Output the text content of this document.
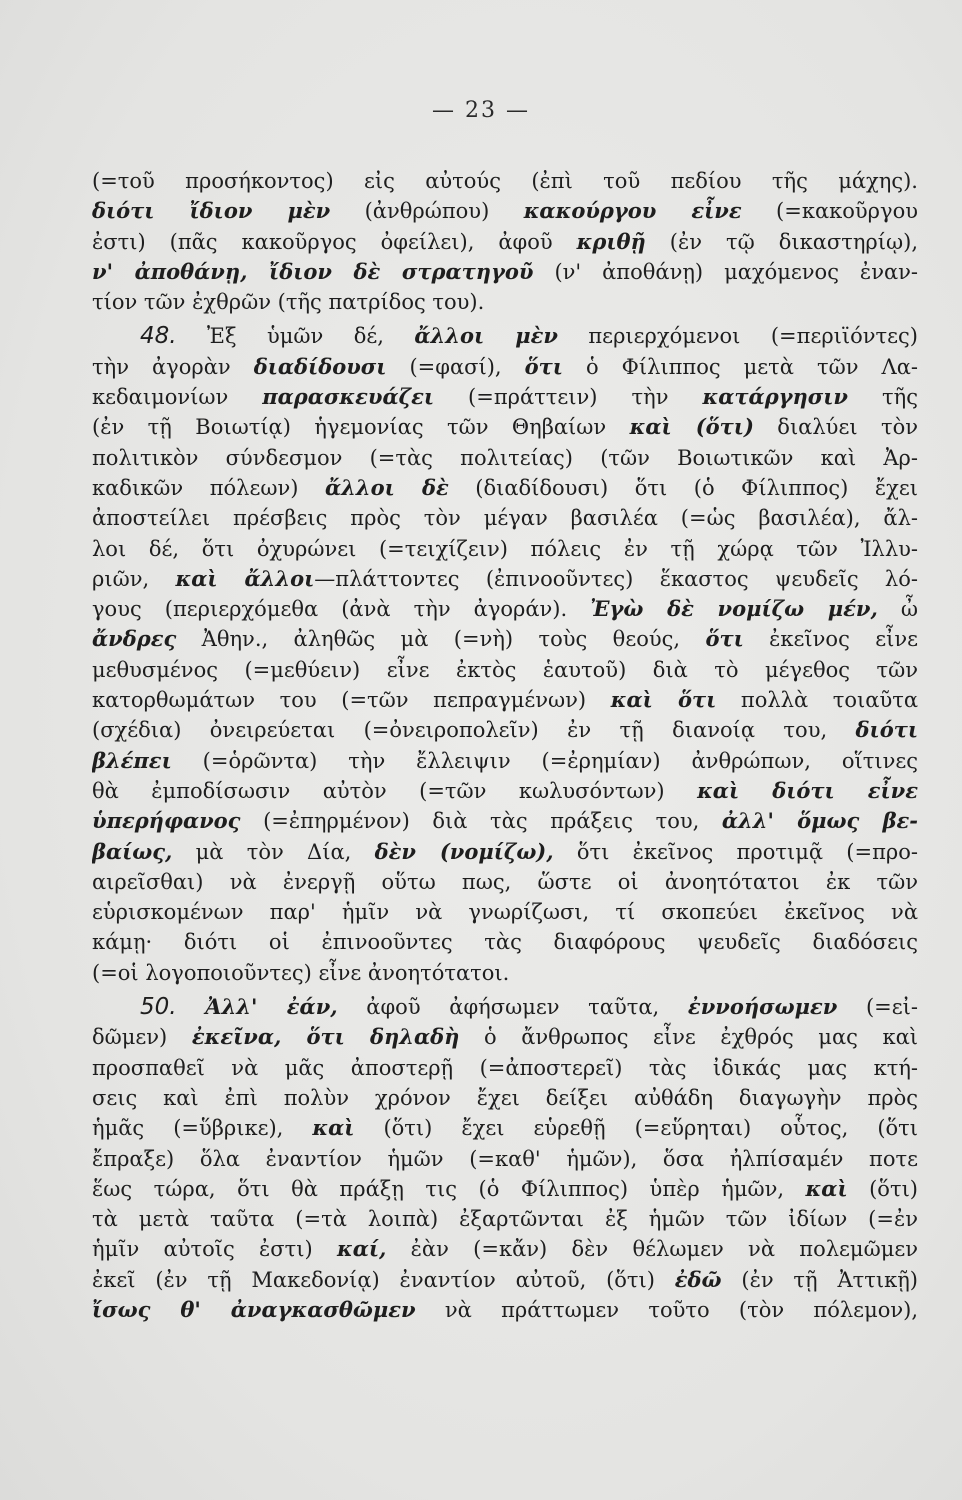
— 23 —
(=τοῦ προσήκοντος) εἰς αὐτούς (ἐπὶ τοῦ πεδίου τῆς μάχης).
διότι ἴδιον μὲν (ἀνθρώπου) κακούργου εἶνε (=κακοῦργου
ἐστι) (πᾶς κακοῦργος ὀφείλει), ἀφοῦ κριθῇ (ἐν τῷ δικαστηρίῳ),
ν' ἀποθάνῃ, ἴδιον δὲ στρατηγοῦ (ν' ἀποθάνῃ) μαχόμενος ἐναν-
τίον τῶν ἐχθρῶν (τῆς πατρίδος του).
48. Ἐξ ὑμῶν δέ, ἄλλοι μὲν περιερχόμενοι (=περιϊόντες)
τὴν ἀγορὰν διαδίδουσι (=φασί), ὅτι ὁ Φίλιππος μετὰ τῶν Λα-
κεδαιμονίων παρασκευάζει (=πράττειν) τὴν κατάργησιν τῆς
(ἐν τῇ Βοιωτίᾳ) ἡγεμονίας τῶν Θηβαίων καὶ (ὅτι) διαλύει τὸν
πολιτικὸν σύνδεσμον (=τὰς πολιτείας) (τῶν Βοιωτικῶν καὶ Ἀρ-
καδικῶν πόλεων) ἄλλοι δὲ (διαδίδουσι) ὅτι (ὁ Φίλιππος) ἔχει
ἀποστείλει πρέσβεις πρὸς τὸν μέγαν βασιλέα (=ὡς βασιλέα), ἄλ-
λοι δέ, ὅτι ὀχυρώνει (=τειχίζειν) πόλεις ἐν τῇ χώρᾳ τῶν Ἰλλυ-
ριῶν, καὶ ἄλλοι—πλάττοντες (ἐπινοοῦντες) ἕκαστος ψευδεῖς λό-
γους (περιερχόμεθα (ἀνὰ τὴν ἀγοράν). Ἐγὼ δὲ νομίζω μέν, ὦ
ἄνδρες Ἀθην., ἀληθῶς μὰ (=νὴ) τοὺς θεούς, ὅτι ἐκεῖνος εἶνε
μεθυσμένος (=μεθύειν) εἶνε ἐκτὸς ἑαυτοῦ) διὰ τὸ μέγεθος τῶν
κατορθωμάτων του (=τῶν πεπραγμένων) καὶ ὅτι πολλὰ τοιαῦτα
(σχέδια) ὀνειρεύεται (=ὀνειροπολεῖν) ἐν τῇ διανοίᾳ του, διότι
βλέπει (=ὁρῶντα) τὴν ἔλλειψιν (=ἐρημίαν) ἀνθρώπων, οἵτινες
θὰ ἐμποδίσωσιν αὐτὸν (=τῶν κωλυσόντων) καὶ διότι εἶνε
ὑπερήφανος (=ἐπηρμένον) διὰ τὰς πράξεις του, ἀλλ' ὅμως βε-
βαίως, μὰ τὸν Δία, δὲν (νομίζω), ὅτι ἐκεῖνος προτιμᾷ (=προ-
αιρεῖσθαι) νὰ ἐνεργῇ οὕτω πως, ὥστε οἱ ἀνοητότατοι ἐκ τῶν
εὑρισκομένων παρ' ἡμῖν νὰ γνωρίζωσι, τί σκοπεύει ἐκεῖνος νὰ
κάμῃ· διότι οἱ ἐπινοοῦντες τὰς διαφόρους ψευδεῖς διαδόσεις
(=οἱ λογοποιοῦντες) εἶνε ἀνοητότατοι.
50. Ἀλλ' ἐάν, ἀφοῦ ἀφήσωμεν ταῦτα, ἐννοήσωμεν (=εἰ-
δῶμεν) ἐκεῖνα, ὅτι δηλαδὴ ὁ ἄνθρωπος εἶνε ἐχθρός μας καὶ
προσπαθεῖ νὰ μᾶς ἀποστερῇ (=ἀποστερεῖ) τὰς ἰδικάς μας κτή-
σεις καὶ ἐπὶ πολὺν χρόνον ἔχει δείξει αὐθάδη διαγωγὴν πρὸς
ἡμᾶς (=ὕβρικε), καὶ (ὅτι) ἔχει εὑρεθῇ (=εὕρηται) οὗτος, (ὅτι
ἔπραξε) ὅλα ἐναντίον ἡμῶν (=καθ' ἡμῶν), ὅσα ἠλπίσαμέν ποτε
ἕως τώρα, ὅτι θὰ πράξῃ τις (ὁ Φίλιππος) ὑπὲρ ἡμῶν, καὶ (ὅτι)
τὰ μετὰ ταῦτα (=τὰ λοιπὰ) ἐξαρτῶνται ἐξ ἡμῶν τῶν ἰδίων (=ἐν
ἡμῖν αὐτοῖς ἐστι) καί, ἐὰν (=κἄν) δὲν θέλωμεν νὰ πολεμῶμεν
ἐκεῖ (ἐν τῇ Μακεδονίᾳ) ἐναντίον αὐτοῦ, (ὅτι) ἐδῶ (ἐν τῇ Ἀττικῇ)
ἴσως θ' ἀναγκασθῶμεν νὰ πράττωμεν τοῦτο (τὸν πόλεμον),
